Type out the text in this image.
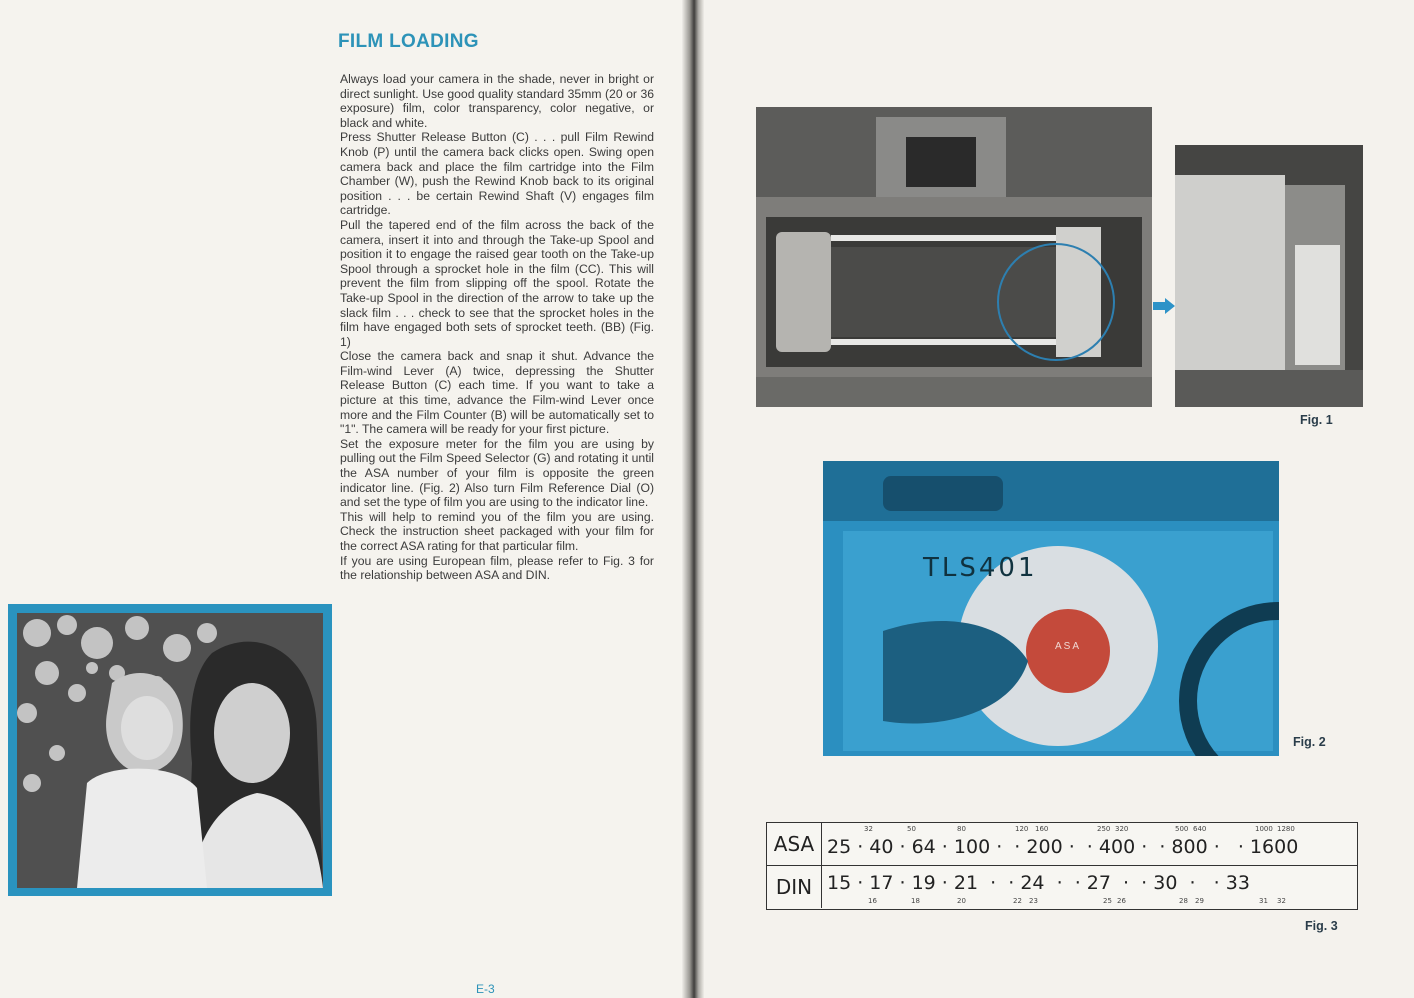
FILM LOADING

Always load your camera in the shade, never in bright or direct sunlight. Use good quality standard 35mm (20 or 36 exposure) film, color transparency, color negative, or black and white.

Press Shutter Release Button (C) . . . pull Film Rewind Knob (P) until the camera back clicks open. Swing open camera back and place the film cartridge into the Film Chamber (W), push the Rewind Knob back to its original position . . . be certain Rewind Shaft (V) engages film cartridge.

Pull the tapered end of the film across the back of the camera, insert it into and through the Take-up Spool and position it to engage the raised gear tooth on the Take-up Spool through a sprocket hole in the film (CC). This will prevent the film from slipping off the spool. Rotate the Take-up Spool in the direction of the arrow to take up the slack film . . . check to see that the sprocket holes in the film have engaged both sets of sprocket teeth. (BB) (Fig. 1)

Close the camera back and snap it shut. Advance the Film-wind Lever (A) twice, depressing the Shutter Release Button (C) each time. If you want to take a picture at this time, advance the Film-wind Lever once more and the Film Counter (B) will be automatically set to "1". The camera will be ready for your first picture.

Set the exposure meter for the film you are using by pulling out the Film Speed Selector (G) and rotating it until the ASA number of your film is opposite the green indicator line. (Fig. 2) Also turn Film Reference Dial (O) and set the type of film you are using to the indicator line.

This will help to remind you of the film you are using. Check the instruction sheet packaged with your film for the correct ASA rating for that particular film.

If you are using European film, please refer to Fig. 3 for the relationship between ASA and DIN.

E-3
Fig. 1
TLS401
ASA
Fig. 2
ASA 25 · 40 · 64 · 100 ·  · 200 ·  · 400 ·  · 800 ·   · 1600
32	50	80	120 160	250 320	500 640	1000 1280
DIN 15 · 17 · 19 · 21  ·  · 24  ·  · 27  ·  · 30  ·   · 33
16	18	20	22 23	25 26	28 29	31 32
Fig. 3
